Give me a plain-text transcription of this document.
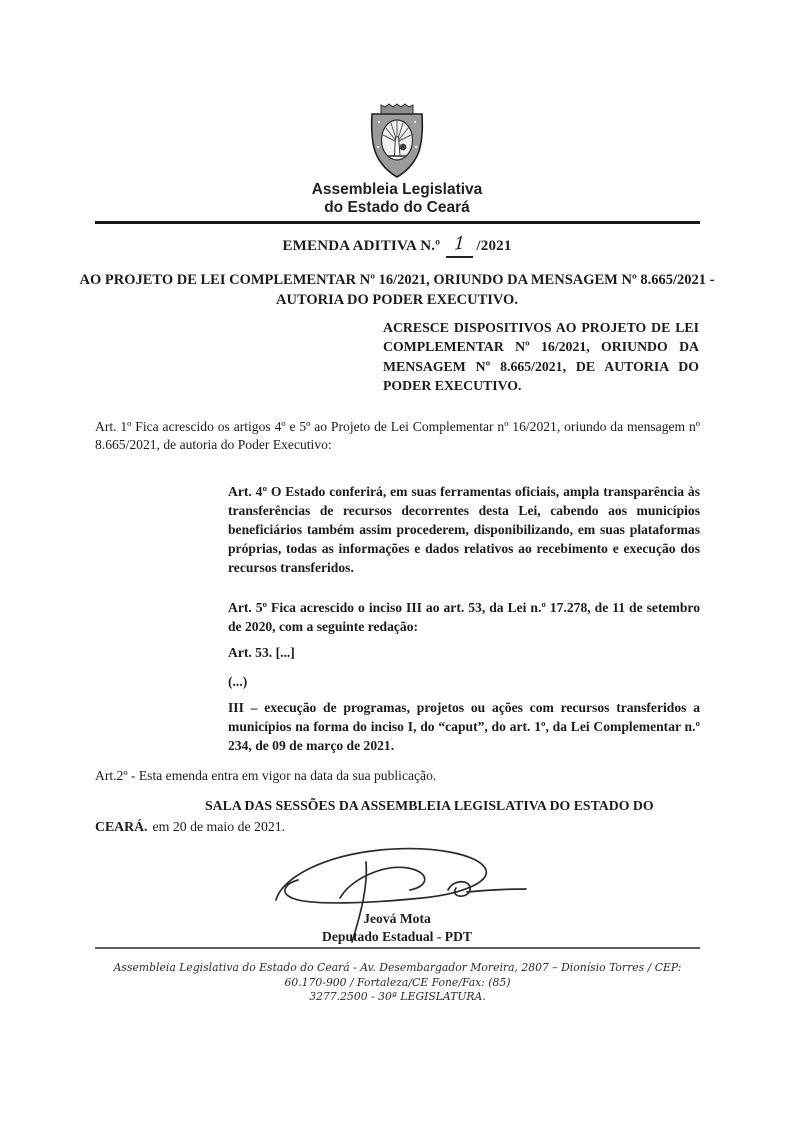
Assembleia Legislativa
do Estado do Ceará
EMENDA ADITIVA N.º 1 /2021
AO PROJETO DE LEI COMPLEMENTAR Nº 16/2021, ORIUNDO DA MENSAGEM Nº 8.665/2021 - AUTORIA DO PODER EXECUTIVO.
ACRESCE DISPOSITIVOS AO PROJETO DE LEI COMPLEMENTAR Nº 16/2021, ORIUNDO DA MENSAGEM Nº 8.665/2021, DE AUTORIA DO PODER EXECUTIVO.

Art. 1º Fica acrescido os artigos 4º e 5º ao Projeto de Lei Complementar nº 16/2021, oriundo da mensagem nº 8.665/2021, de autoria do Poder Executivo:

Art. 4º O Estado conferirá, em suas ferramentas oficiais, ampla transparência às transferências de recursos decorrentes desta Lei, cabendo aos municípios beneficiários também assim procederem, disponibilizando, em suas plataformas próprias, todas as informações e dados relativos ao recebimento e execução dos recursos transferidos.

Art. 5º Fica acrescido o inciso III ao art. 53, da Lei n.º 17.278, de 11 de setembro de 2020, com a seguinte redação:

Art. 53. [...]

(...)

III – execução de programas, projetos ou ações com recursos transferidos a municípios na forma do inciso I, do “caput”, do art. 1º, da Lei Complementar n.º 234, de 09 de março de 2021.

Art.2º - Esta emenda entra em vigor na data da sua publicação.

SALA DAS SESSÕES DA ASSEMBLEIA LEGISLATIVA DO ESTADO DO
CEARÁ. em 20 de maio de 2021.
Jeová Mota
Deputado Estadual - PDT
Assembleia Legislativa do Estado do Ceará - Av. Desembargador Moreira, 2807 – Dionísio Torres / CEP: 60.170-900 / Fortaleza/CE Fone/Fax: (85)
3277.2500 - 30ª LEGISLATURA.
